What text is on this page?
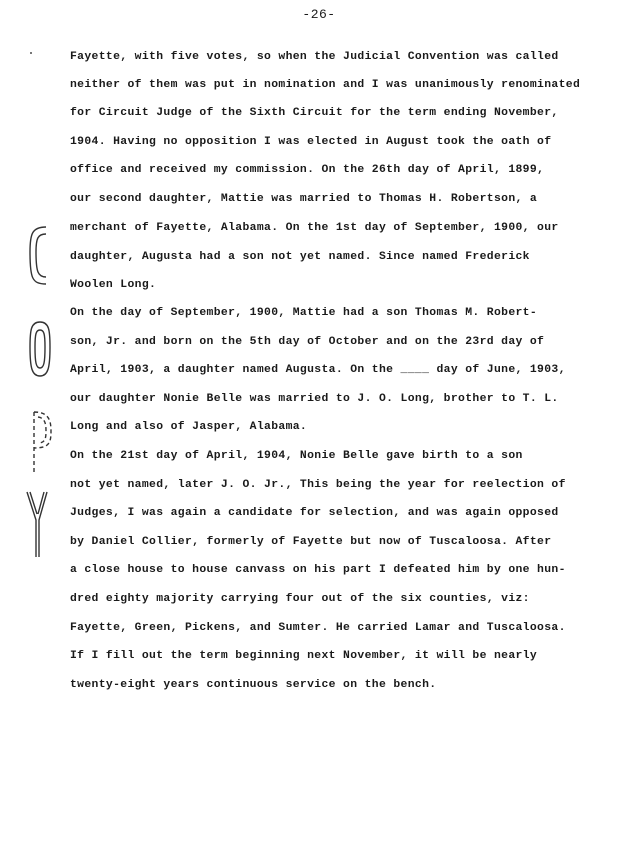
-26-
Fayette, with five votes, so when the Judicial Convention was called
neither of them was put in nomination and I was unanimously renominated
for Circuit Judge of the Sixth Circuit for the term ending November,
1904. Having no opposition I was elected in August took the oath of
office and received my commission. On the 26th day of April, 1899,
our second daughter, Mattie was married to Thomas H. Robertson, a
merchant of Fayette, Alabama. On the 1st day of September, 1900, our
daughter, Augusta had a son not yet named. Since named Frederick
Woolen Long.
On the day of September, 1900, Mattie had a son Thomas M. Robert-
son, Jr. and born on the 5th day of October and on the 23rd day of
April, 1903, a daughter named Augusta. On the ____ day of June, 1903,
our daughter Nonie Belle was married to J. O. Long, brother to T. L.
Long and also of Jasper, Alabama.
On the 21st day of April, 1904, Nonie Belle gave birth to a son
not yet named, later J. O. Jr., This being the year for reelection of
Judges, I was again a candidate for selection, and was again opposed
by Daniel Collier, formerly of Fayette but now of Tuscaloosa. After
a close house to house canvass on his part I defeated him by one hun-
dred eighty majority carrying four out of the six counties, viz:
Fayette, Green, Pickens, and Sumter. He carried Lamar and Tuscaloosa.
If I fill out the term beginning next November, it will be nearly
twenty-eight years continuous service on the bench.
